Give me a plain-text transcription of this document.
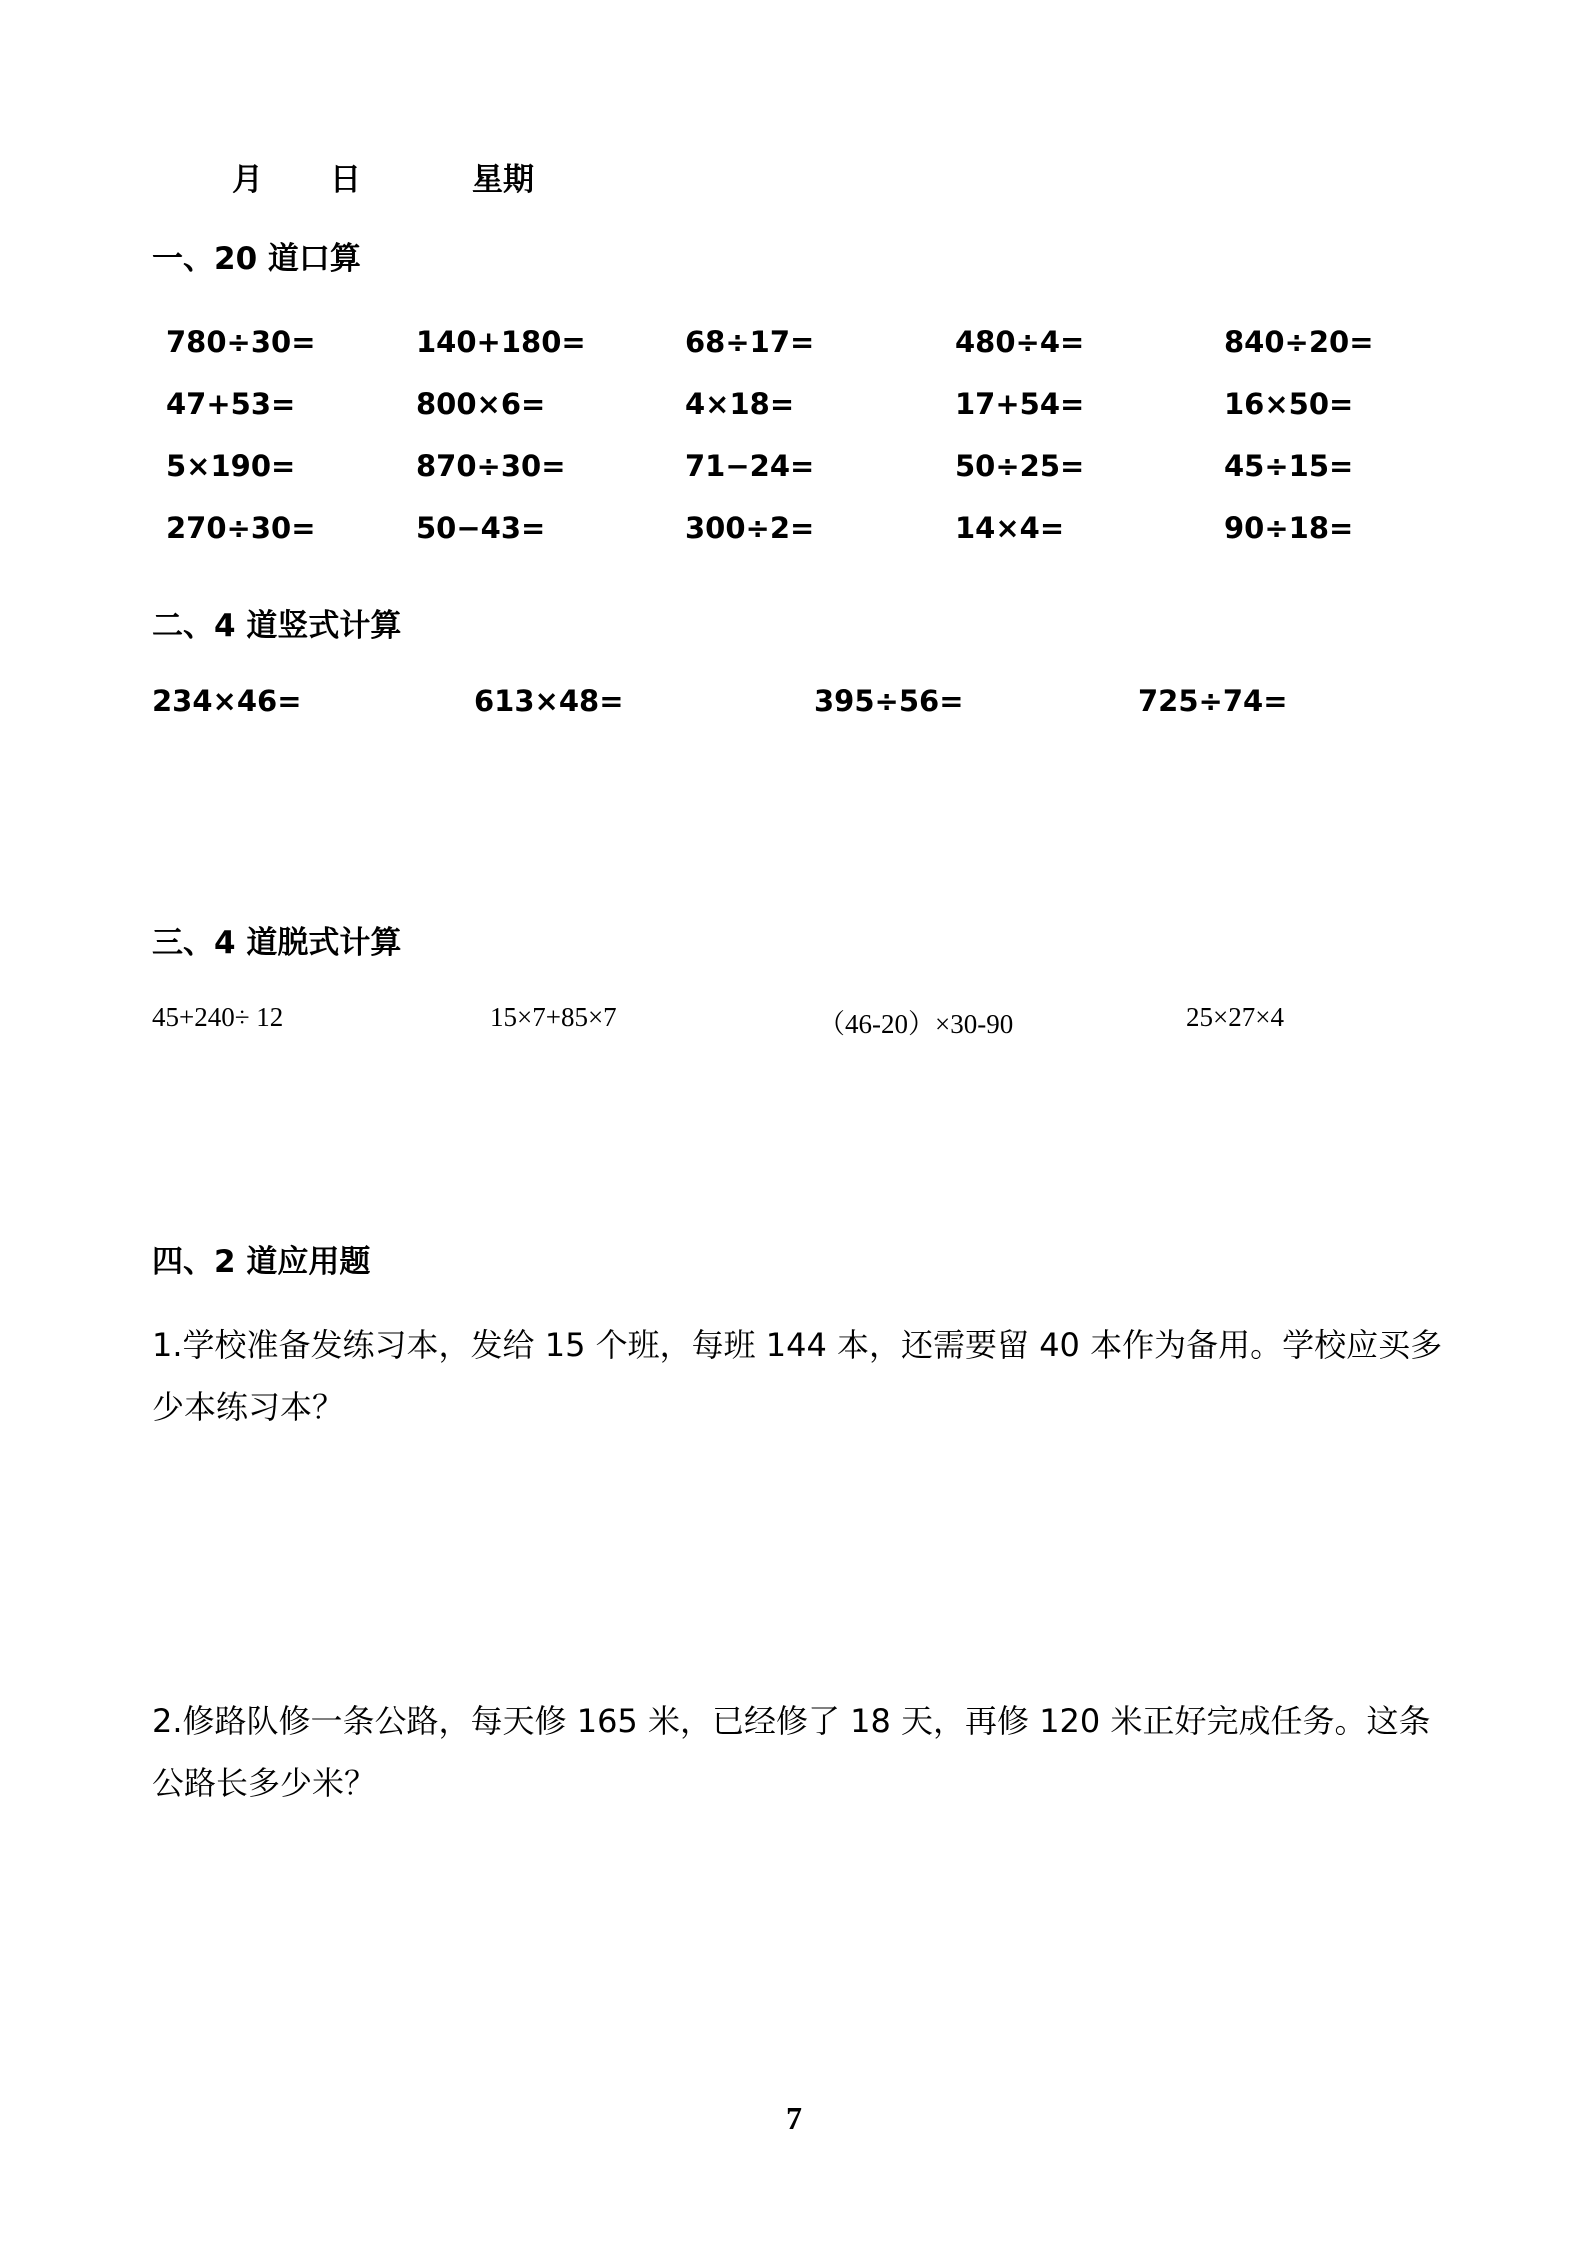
月 日	星期
一、20 道口算
780÷30=	140+180=	68÷17=	480÷4=	840÷20=
47+53=	800×6=	4×18=	17+54=	16×50=
5×190=	870÷30=	71−24=	50÷25=	45÷15=
270÷30=	50−43=	300÷2=	14×4=	90÷18=
二、4 道竖式计算
234×46=	613×48=	395÷56=	725÷74=
三、4 道脱式计算
45+240÷ 12	15×7+85×7	（46-20）×30-90	25×27×4
四、2 道应用题
1.学校准备发练习本，发给 15 个班，每班 144 本，还需要留 40 本作为备用。学校应买多少本练习本？
2.修路队修一条公路，每天修 165 米，已经修了 18 天，再修 120 米正好完成任务。这条公路长多少米？
7
